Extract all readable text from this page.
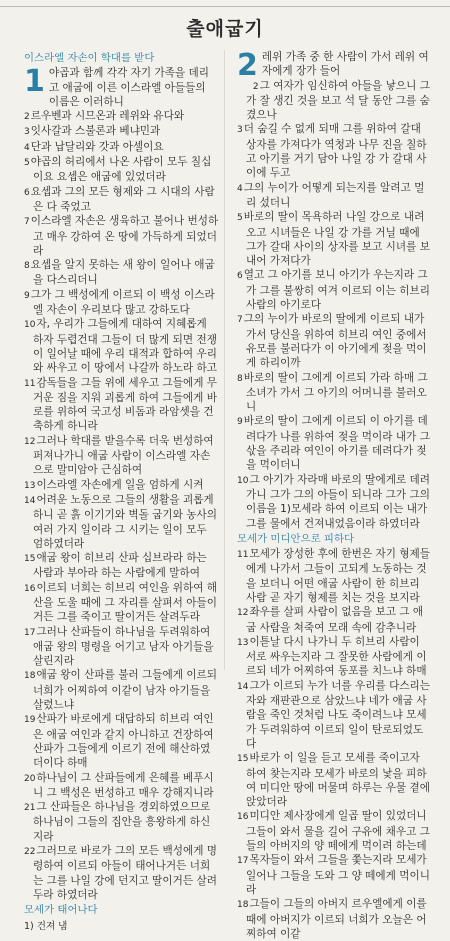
출애굽기
이스라엘 자손이 학대를 받다

1 야곱과 함께 각각 자기 가족을 데리고 애굽에 이른 이스라엘 아들들의 이름은 이러하니

2르우벤과 시므온과 레위와 유다와

3잇사갈과 스불론과 베냐민과

4단과 납달리와 갓과 아셀이요

5야곱의 허리에서 나온 사람이 모두 칠십이요 요셉은 애굽에 있었더라

6요셉과 그의 모든 형제와 그 시대의 사람은 다 죽었고

7이스라엘 자손은 생육하고 불어나 번성하고 매우 강하여 온 땅에 가득하게 되었더라

8요셉을 알지 못하는 새 왕이 일어나 애굽을 다스리더니

9그가 그 백성에게 이르되 이 백성 이스라엘 자손이 우리보다 많고 강하도다

10자, 우리가 그들에게 대하여 지혜롭게 하자 두렵건대 그들이 더 많게 되면 전쟁이 일어날 때에 우리 대적과 합하여 우리와 싸우고 이 땅에서 나갈까 하노라 하고

11감독들을 그들 위에 세우고 그들에게 무거운 짐을 지워 괴롭게 하여 그들에게 바로를 위하여 국고성 비돔과 라암셋을 건축하게 하니라

12그러나 학대를 받을수록 더욱 번성하여 퍼져나가니 애굽 사람이 이스라엘 자손으로 말미암아 근심하여

13이스라엘 자손에게 일을 엄하게 시켜

14어려운 노동으로 그들의 생활을 괴롭게 하니 곧 흙 이기기와 벽돌 굽기와 농사의 여러 가지 일이라 그 시키는 일이 모두 엄하였더라

15애굽 왕이 히브리 산파 십브라라 하는 사람과 부아라 하는 사람에게 말하여

16이르되 너희는 히브리 여인을 위하여 해산을 도울 때에 그 자리를 살펴서 아들이거든 그를 죽이고 딸이거든 살려두라

17그러나 산파들이 하나님을 두려워하여 애굽 왕의 명령을 어기고 남자 아기들을 살린지라

18애굽 왕이 산파를 불러 그들에게 이르되 너희가 어찌하여 이같이 남자 아기들을 살렸느냐

19산파가 바로에게 대답하되 히브리 여인은 애굽 여인과 같지 아니하고 건장하여 산파가 그들에게 이르기 전에 해산하였더이다 하매

20하나님이 그 산파들에게 은혜를 베푸시니 그 백성은 번성하고 매우 강해지니라

21그 산파들은 하나님을 경외하였으므로 하나님이 그들의 집안을 흥왕하게 하신지라

22그러므로 바로가 그의 모든 백성에게 명령하여 이르되 아들이 태어나거든 너희는 그를 나일 강에 던지고 딸이거든 살려두라 하였더라

모세가 태어나다
1) 건져 냄

2 레위 가족 중 한 사람이 가서 레위 여자에게 장가 들어

2그 여자가 임신하여 아들을 낳으니 그가 잘 생긴 것을 보고 석 달 동안 그를 숨겼으나

3더 숨길 수 없게 되매 그를 위하여 갈대 상자를 가져다가 역청과 나무 진을 칠하고 아기를 거기 담아 나일 강 가 갈대 사이에 두고

4그의 누이가 어떻게 되는지를 알려고 멀리 섰더니

5바로의 딸이 목욕하러 나일 강으로 내려오고 시녀들은 나일 강 가를 거닐 때에 그가 갈대 사이의 상자를 보고 시녀를 보내어 가져다가

6열고 그 아기를 보니 아기가 우는지라 그가 그를 불쌍히 여겨 이르되 이는 히브리 사람의 아기로다

7그의 누이가 바로의 딸에게 이르되 내가 가서 당신을 위하여 히브리 여인 중에서 유모를 불러다가 이 아기에게 젖을 먹이게 하리이까

8바로의 딸이 그에게 이르되 가라 하매 그 소녀가 가서 그 아기의 어머니를 불러오니

9바로의 딸이 그에게 이르되 이 아기를 데려다가 나를 위하여 젖을 먹이라 내가 그 삯을 주리라 여인이 아기를 데려다가 젖을 먹이더니

10그 아기가 자라매 바로의 딸에게로 데려가니 그가 그의 아들이 되니라 그가 그의 이름을 1)모세라 하여 이르되 이는 내가 그를 물에서 건져내었음이라 하였더라

모세가 미디안으로 피하다

11모세가 장성한 후에 한번은 자기 형제들에게 나가서 그들이 고되게 노동하는 것을 보더니 어떤 애굽 사람이 한 히브리 사람 곧 자기 형제를 치는 것을 보지라

12좌우를 살펴 사람이 없음을 보고 그 애굽 사람을 쳐죽여 모래 속에 감추니라

13이튿날 다시 나가니 두 히브리 사람이 서로 싸우는지라 그 잘못한 사람에게 이르되 네가 어찌하여 동포를 치느냐 하매

14그가 이르되 누가 너를 우리를 다스리는 자와 재판관으로 삼았느냐 네가 애굽 사람을 죽인 것처럼 나도 죽이려느냐 모세가 두려워하여 이르되 일이 탄로되었도다

15바로가 이 일을 듣고 모세를 죽이고자 하여 찾는지라 모세가 바로의 낯을 피하여 미디안 땅에 머물며 하루는 우물 곁에 앉았더라

16미디안 제사장에게 일곱 딸이 있었더니 그들이 와서 물을 길어 구유에 채우고 그들의 아버지의 양 떼에게 먹이려 하는데

17목자들이 와서 그들을 쫓는지라 모세가 일어나 그들을 도와 그 양 떼에게 먹이니라

18그들이 그들의 아버지 르우엘에게 이를 때에 아버지가 이르되 너희가 오늘은 어찌하여 이같
